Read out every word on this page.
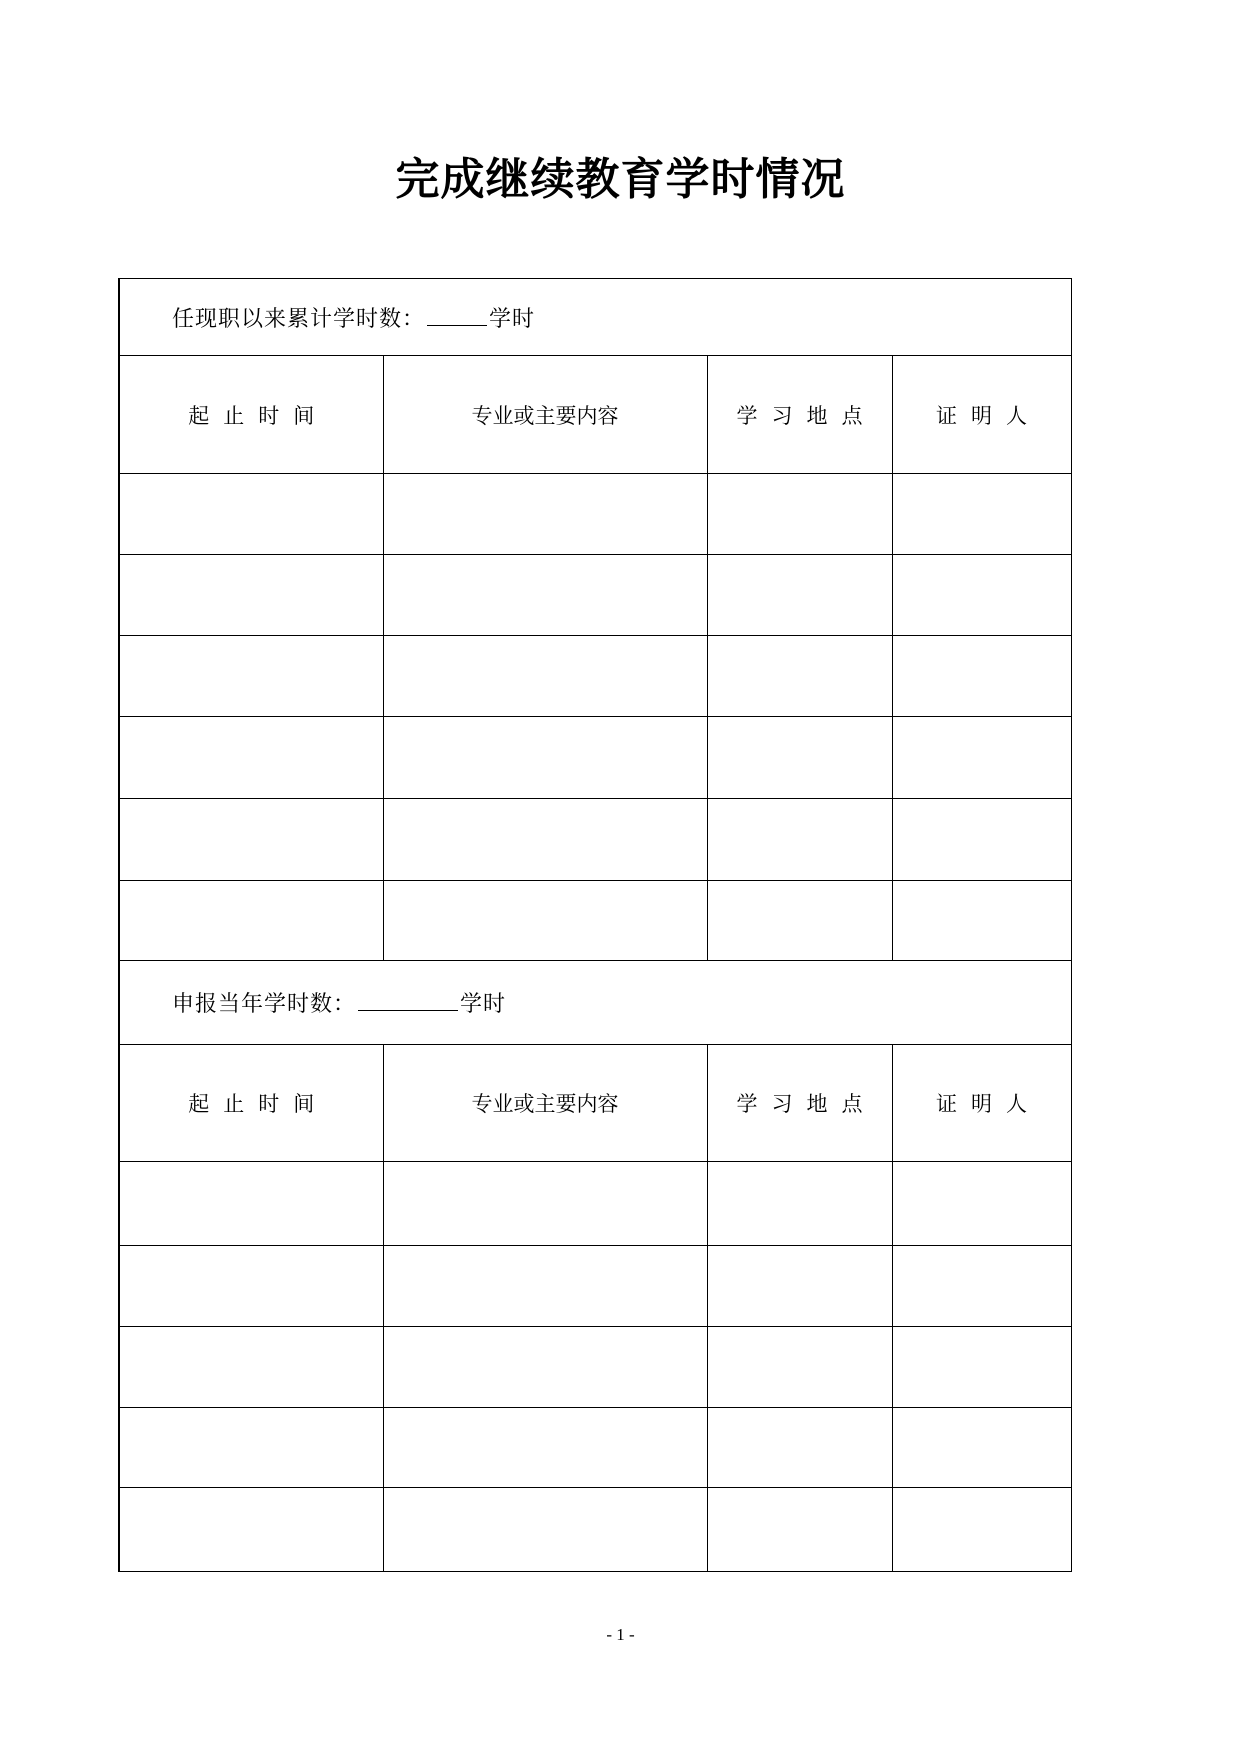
完成继续教育学时情况
任现职以来累计学时数： 学时			
起止时间	专业或主要内容	学习地点	证明人

申报当年学时数： 学时			
起止时间	专业或主要内容	学习地点	证明人

- 1 -
